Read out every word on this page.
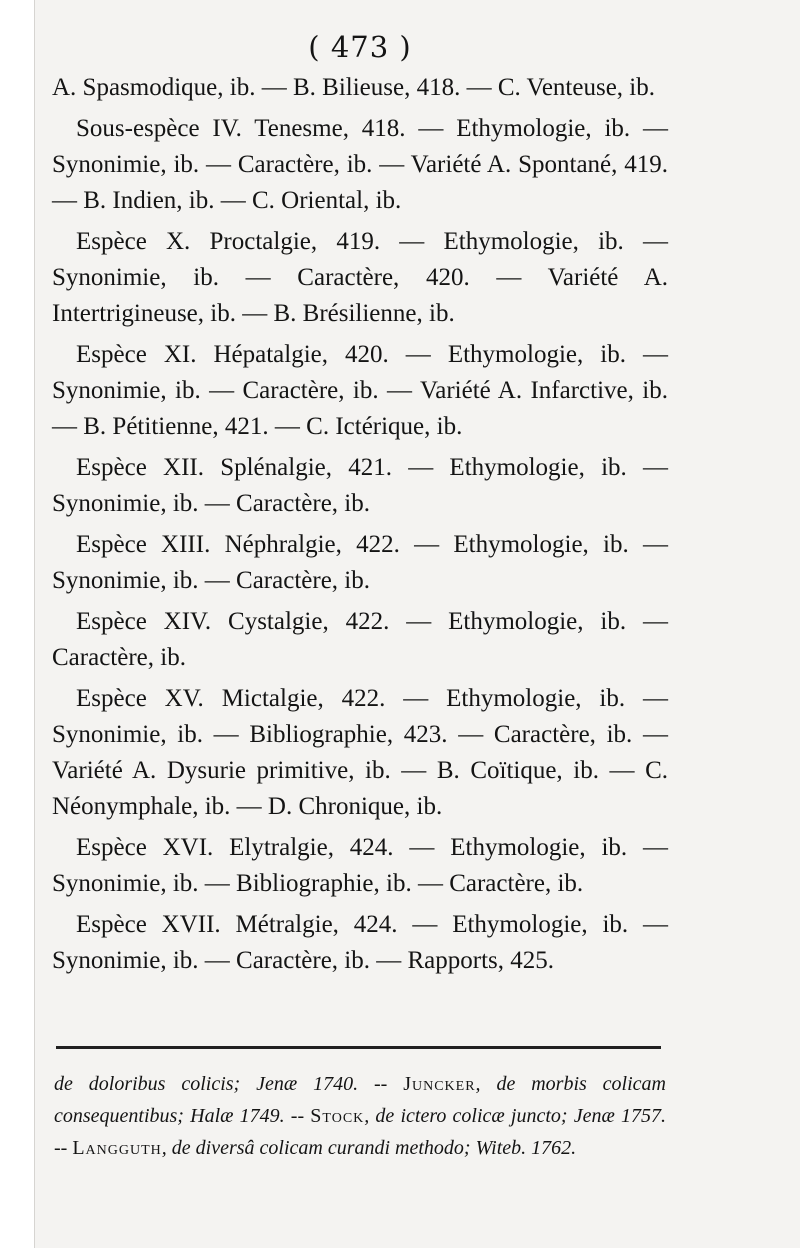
( 473 )

A. Spasmodique, ib. — B. Bilieuse, 418. — C. Venteuse, ib.

Sous-espèce IV. Tenesme, 418. — Ethymologie, ib. — Synonimie, ib. — Caractère, ib. — Variété A. Spontané, 419. — B. Indien, ib. — C. Oriental, ib.

Espèce X. Proctalgie, 419. — Ethymologie, ib. — Synonimie, ib. — Caractère, 420. — Variété A. Intertrigineuse, ib. — B. Brésilienne, ib.

Espèce XI. Hépatalgie, 420. — Ethymologie, ib. — Synonimie, ib. — Caractère, ib. — Variété A. Infarctive, ib. — B. Pétitienne, 421. — C. Ictérique, ib.

Espèce XII. Splénalgie, 421. — Ethymologie, ib. — Synonimie, ib. — Caractère, ib.

Espèce XIII. Néphralgie, 422. — Ethymologie, ib. — Synonimie, ib. — Caractère, ib.

Espèce XIV. Cystalgie, 422. — Ethymologie, ib. — Caractère, ib.

Espèce XV. Mictalgie, 422. — Ethymologie, ib. — Synonimie, ib. — Bibliographie, 423. — Caractère, ib. — Variété A. Dysurie primitive, ib. — B. Coïtique, ib. — C. Néonymphale, ib. — D. Chronique, ib.

Espèce XVI. Elytralgie, 424. — Ethymologie, ib. — Synonimie, ib. — Bibliographie, ib. — Caractère, ib.

Espèce XVII. Métralgie, 424. — Ethymologie, ib. — Synonimie, ib. — Caractère, ib. — Rapports, 425.

de doloribus colicis; Jenæ 1740. -- Juncker, de morbis colicam consequentibus; Halæ 1749. -- Stock, de ictero colicæ juncto; Jenæ 1757. -- Langguth, de diversâ colicam curandi methodo; Witeb. 1762.
